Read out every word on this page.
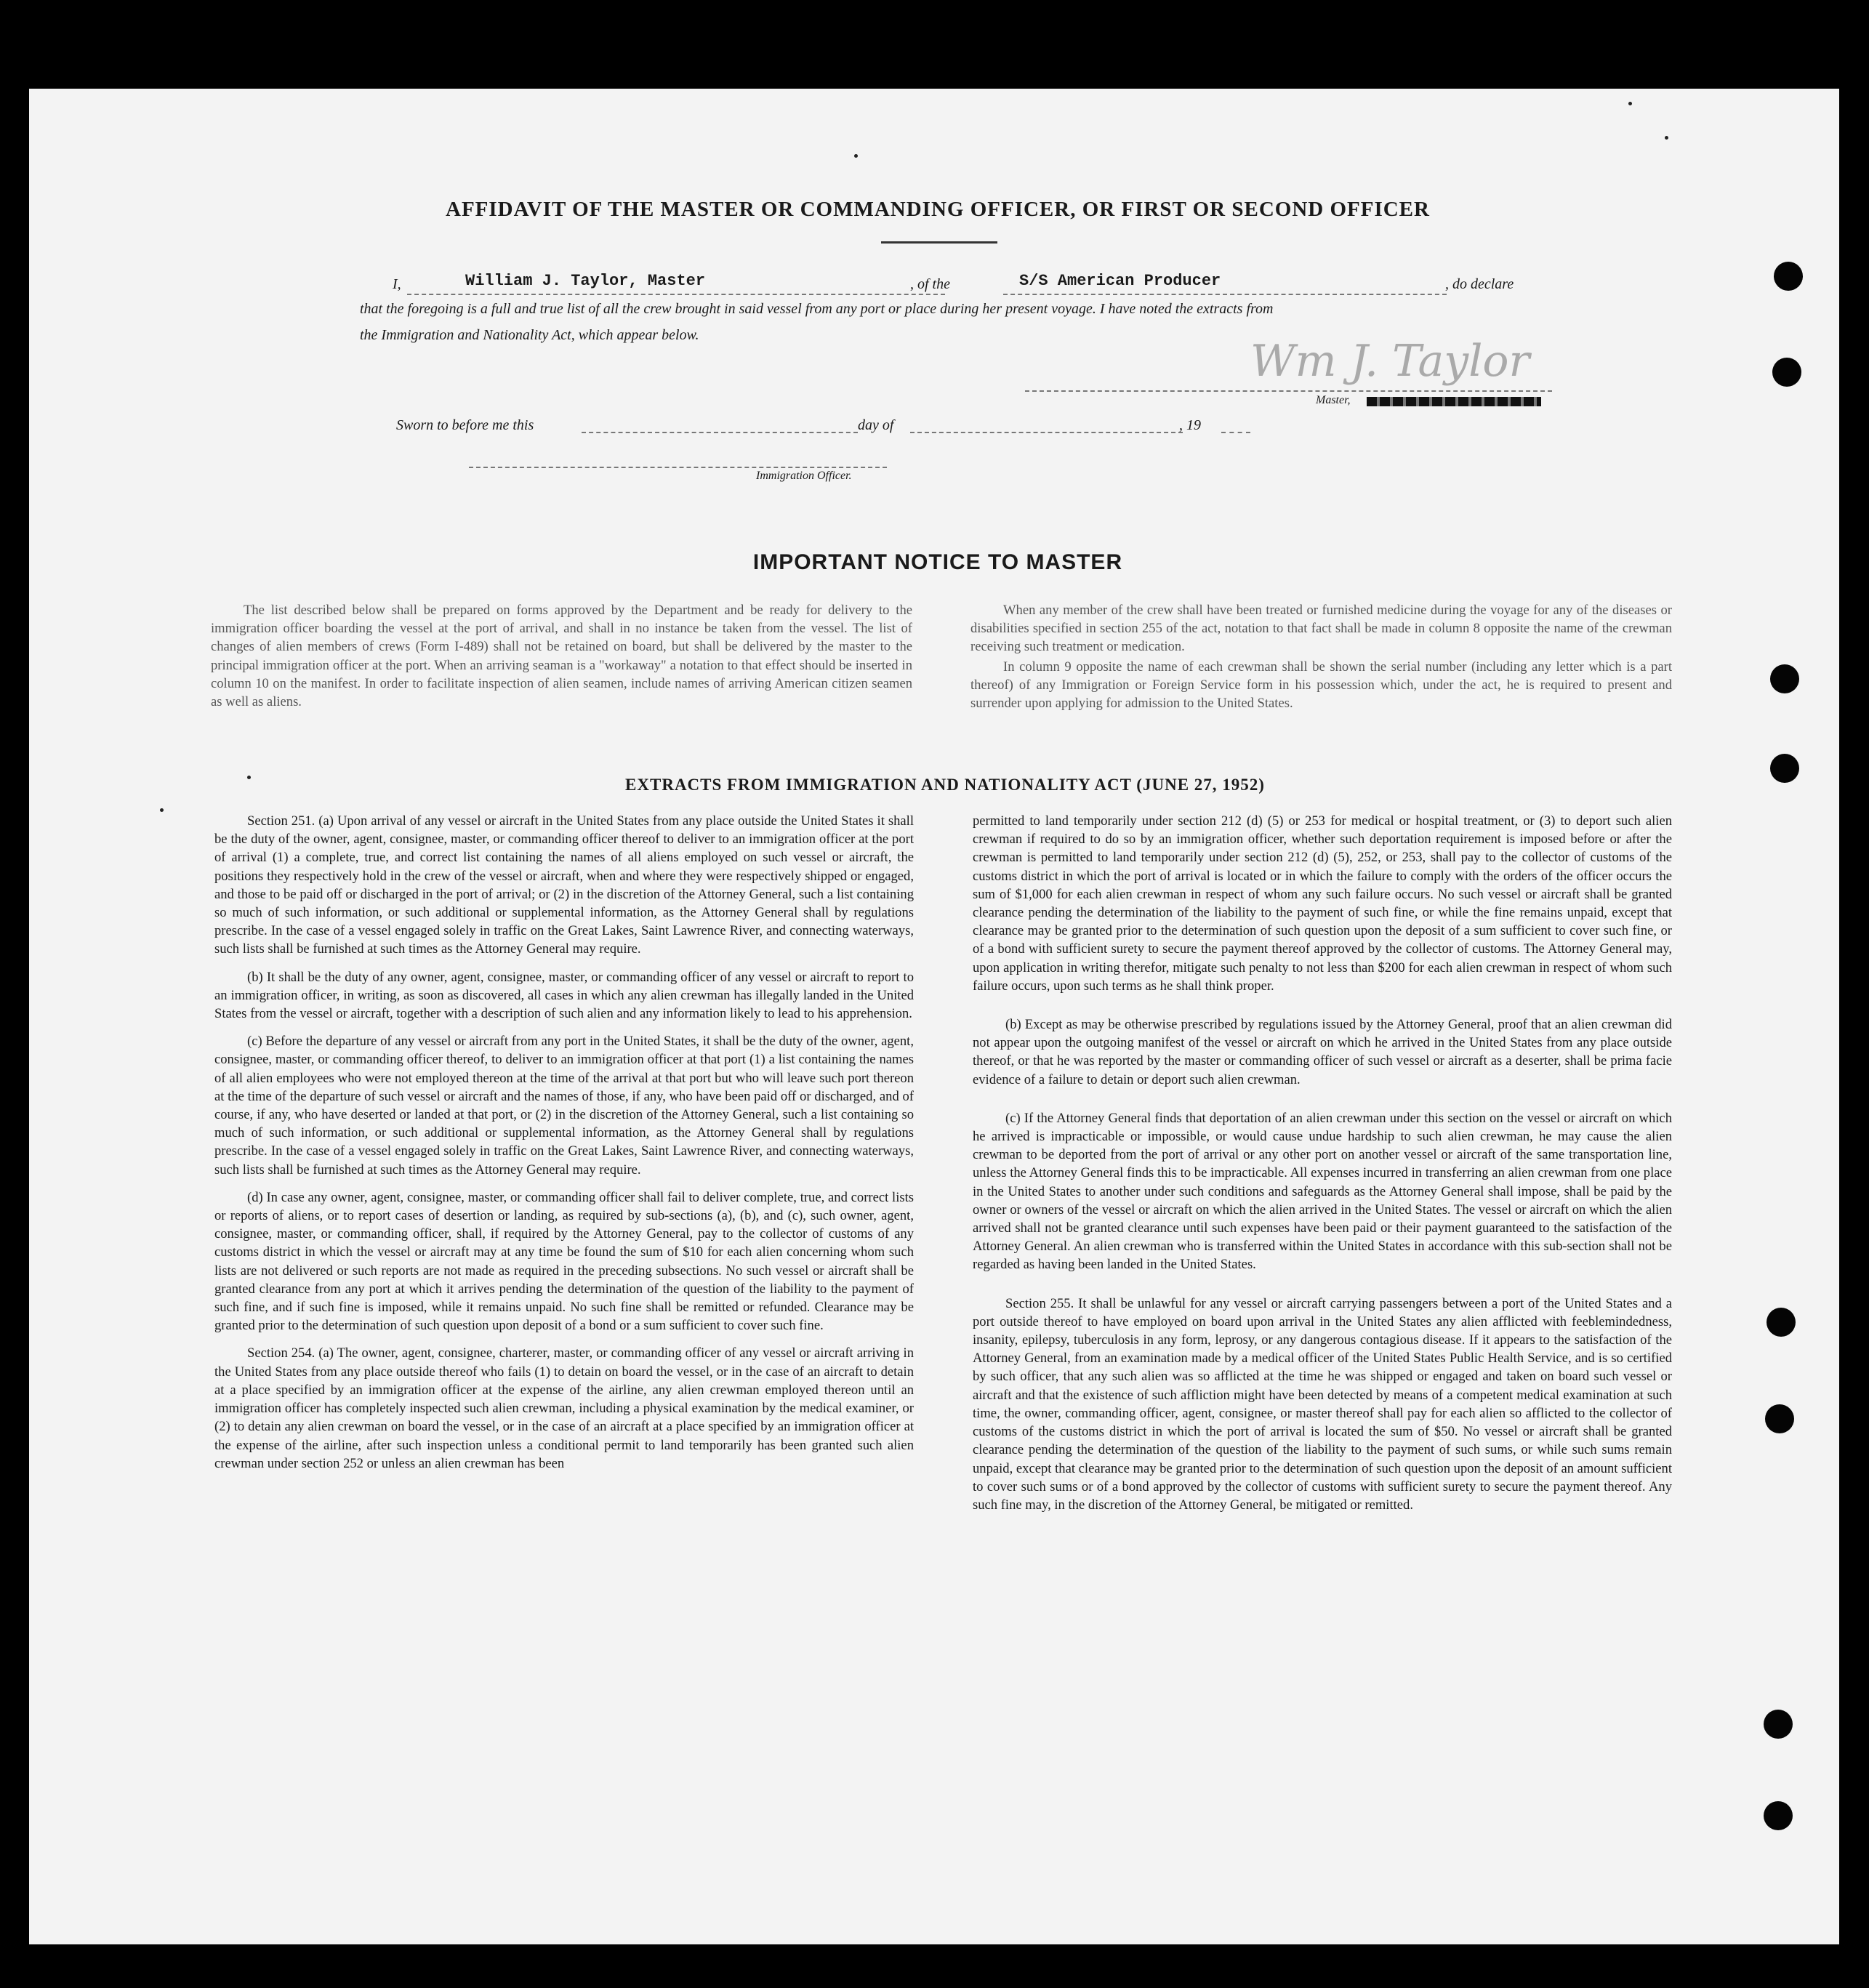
AFFIDAVIT OF THE MASTER OR COMMANDING OFFICER, OR FIRST OR SECOND OFFICER
I,	William J. Taylor, Master	, of the	S/S American Producer	, do declare
that the foregoing is a full and true list of all the crew brought in said vessel from any port or place during her present voyage. I have noted the extracts from
the Immigration and Nationality Act, which appear below.
Wm J. Taylor
Master,
Sworn to before me this	day of	, 19
Immigration Officer.
IMPORTANT NOTICE TO MASTER

The list described below shall be prepared on forms approved by the Department and be ready for delivery to the immigration officer boarding the vessel at the port of arrival, and shall in no instance be taken from the vessel. The list of changes of alien members of crews (Form I-489) shall not be retained on board, but shall be delivered by the master to the principal immigration officer at the port. When an arriving seaman is a "workaway" a notation to that effect should be inserted in column 10 on the manifest. In order to facilitate inspection of alien seamen, include names of arriving American citizen seamen as well as aliens.

When any member of the crew shall have been treated or furnished medicine during the voyage for any of the diseases or disabilities specified in section 255 of the act, notation to that fact shall be made in column 8 opposite the name of the crewman receiving such treatment or medication.

In column 9 opposite the name of each crewman shall be shown the serial number (including any letter which is a part thereof) of any Immigration or Foreign Service form in his possession which, under the act, he is required to present and surrender upon applying for admission to the United States.

EXTRACTS FROM IMMIGRATION AND NATIONALITY ACT (JUNE 27, 1952)

Section 251. (a) Upon arrival of any vessel or aircraft in the United States from any place outside the United States it shall be the duty of the owner, agent, consignee, master, or commanding officer thereof to deliver to an immigration officer at the port of arrival (1) a complete, true, and correct list containing the names of all aliens employed on such vessel or aircraft, the positions they respectively hold in the crew of the vessel or aircraft, when and where they were respectively shipped or engaged, and those to be paid off or discharged in the port of arrival; or (2) in the discretion of the Attorney General, such a list containing so much of such information, or such additional or supplemental information, as the Attorney General shall by regulations prescribe. In the case of a vessel engaged solely in traffic on the Great Lakes, Saint Lawrence River, and connecting waterways, such lists shall be furnished at such times as the Attorney General may require.

(b) It shall be the duty of any owner, agent, consignee, master, or commanding officer of any vessel or aircraft to report to an immigration officer, in writing, as soon as discovered, all cases in which any alien crewman has illegally landed in the United States from the vessel or aircraft, together with a description of such alien and any information likely to lead to his apprehension.

(c) Before the departure of any vessel or aircraft from any port in the United States, it shall be the duty of the owner, agent, consignee, master, or commanding officer thereof, to deliver to an immigration officer at that port (1) a list containing the names of all alien employees who were not employed thereon at the time of the arrival at that port but who will leave such port thereon at the time of the departure of such vessel or aircraft and the names of those, if any, who have been paid off or discharged, and of course, if any, who have deserted or landed at that port, or (2) in the discretion of the Attorney General, such a list containing so much of such information, or such additional or supplemental information, as the Attorney General shall by regulations prescribe. In the case of a vessel engaged solely in traffic on the Great Lakes, Saint Lawrence River, and connecting waterways, such lists shall be furnished at such times as the Attorney General may require.

(d) In case any owner, agent, consignee, master, or commanding officer shall fail to deliver complete, true, and correct lists or reports of aliens, or to report cases of desertion or landing, as required by sub-sections (a), (b), and (c), such owner, agent, consignee, master, or commanding officer, shall, if required by the Attorney General, pay to the collector of customs of any customs district in which the vessel or aircraft may at any time be found the sum of $10 for each alien concerning whom such lists are not delivered or such reports are not made as required in the preceding subsections. No such vessel or aircraft shall be granted clearance from any port at which it arrives pending the determination of the question of the liability to the payment of such fine, and if such fine is imposed, while it remains unpaid. No such fine shall be remitted or refunded. Clearance may be granted prior to the determination of such question upon deposit of a bond or a sum sufficient to cover such fine.

Section 254. (a) The owner, agent, consignee, charterer, master, or commanding officer of any vessel or aircraft arriving in the United States from any place outside thereof who fails (1) to detain on board the vessel, or in the case of an aircraft to detain at a place specified by an immigration officer at the expense of the airline, any alien crewman employed thereon until an immigration officer has completely inspected such alien crewman, including a physical examination by the medical examiner, or (2) to detain any alien crewman on board the vessel, or in the case of an aircraft at a place specified by an immigration officer at the expense of the airline, after such inspection unless a conditional permit to land temporarily has been granted such alien crewman under section 252 or unless an alien crewman has been

permitted to land temporarily under section 212 (d) (5) or 253 for medical or hospital treatment, or (3) to deport such alien crewman if required to do so by an immigration officer, whether such deportation requirement is imposed before or after the crewman is permitted to land temporarily under section 212 (d) (5), 252, or 253, shall pay to the collector of customs of the customs district in which the port of arrival is located or in which the failure to comply with the orders of the officer occurs the sum of $1,000 for each alien crewman in respect of whom any such failure occurs. No such vessel or aircraft shall be granted clearance pending the determination of the liability to the payment of such fine, or while the fine remains unpaid, except that clearance may be granted prior to the determination of such question upon the deposit of a sum sufficient to cover such fine, or of a bond with sufficient surety to secure the payment thereof approved by the collector of customs. The Attorney General may, upon application in writing therefor, mitigate such penalty to not less than $200 for each alien crewman in respect of whom such failure occurs, upon such terms as he shall think proper.

(b) Except as may be otherwise prescribed by regulations issued by the Attorney General, proof that an alien crewman did not appear upon the outgoing manifest of the vessel or aircraft on which he arrived in the United States from any place outside thereof, or that he was reported by the master or commanding officer of such vessel or aircraft as a deserter, shall be prima facie evidence of a failure to detain or deport such alien crewman.

(c) If the Attorney General finds that deportation of an alien crewman under this section on the vessel or aircraft on which he arrived is impracticable or impossible, or would cause undue hardship to such alien crewman, he may cause the alien crewman to be deported from the port of arrival or any other port on another vessel or aircraft of the same transportation line, unless the Attorney General finds this to be impracticable. All expenses incurred in transferring an alien crewman from one place in the United States to another under such conditions and safeguards as the Attorney General shall impose, shall be paid by the owner or owners of the vessel or aircraft on which the alien arrived in the United States. The vessel or aircraft on which the alien arrived shall not be granted clearance until such expenses have been paid or their payment guaranteed to the satisfaction of the Attorney General. An alien crewman who is transferred within the United States in accordance with this sub-section shall not be regarded as having been landed in the United States.

Section 255. It shall be unlawful for any vessel or aircraft carrying passengers between a port of the United States and a port outside thereof to have employed on board upon arrival in the United States any alien afflicted with feeblemindedness, insanity, epilepsy, tuberculosis in any form, leprosy, or any dangerous contagious disease. If it appears to the satisfaction of the Attorney General, from an examination made by a medical officer of the United States Public Health Service, and is so certified by such officer, that any such alien was so afflicted at the time he was shipped or engaged and taken on board such vessel or aircraft and that the existence of such affliction might have been detected by means of a competent medical examination at such time, the owner, commanding officer, agent, consignee, or master thereof shall pay for each alien so afflicted to the collector of customs of the customs district in which the port of arrival is located the sum of $50. No vessel or aircraft shall be granted clearance pending the determination of the question of the liability to the payment of such sums, or while such sums remain unpaid, except that clearance may be granted prior to the determination of such question upon the deposit of an amount sufficient to cover such sums or of a bond approved by the collector of customs with sufficient surety to secure the payment thereof. Any such fine may, in the discretion of the Attorney General, be mitigated or remitted.
